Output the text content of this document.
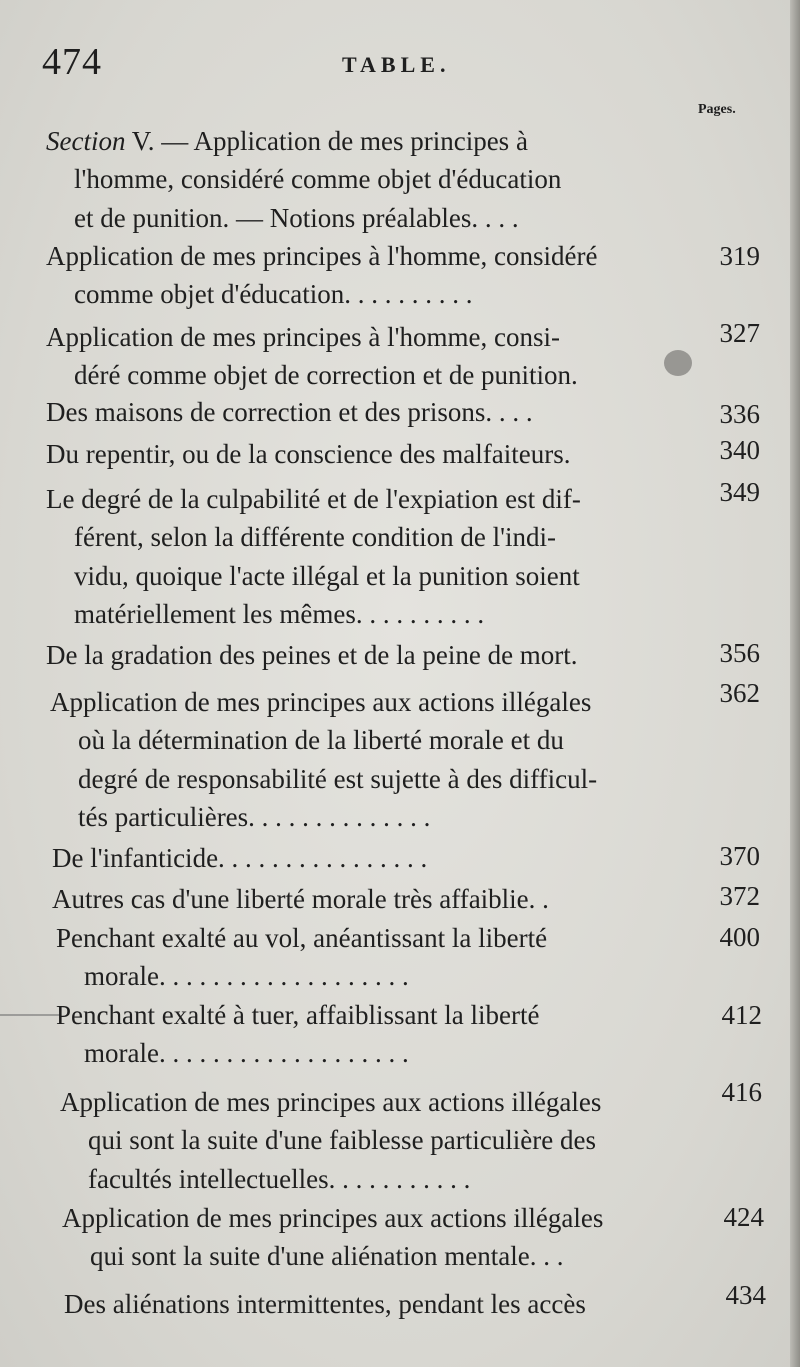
474	TABLE.
Pages.
Section V. — Application de mes principes à
l'homme, considéré comme objet d'éducation
et de punition. — Notions préalables. . . .
319
Application de mes principes à l'homme, considéré
comme objet d'éducation. . . . . . . . . .
327
Application de mes principes à l'homme, consi-
déré comme objet de correction et de punition.
336
Des maisons de correction et des prisons. . . .
340
Du repentir, ou de la conscience des malfaiteurs.
349
Le degré de la culpabilité et de l'expiation est dif-
férent, selon la différente condition de l'indi-
vidu, quoique l'acte illégal et la punition soient
matériellement les mêmes. . . . . . . . . .
356
De la gradation des peines et de la peine de mort.
362
Application de mes principes aux actions illégales
où la détermination de la liberté morale et du
degré de responsabilité est sujette à des difficul-
tés particulières. . . . . . . . . . . . . .
370
De l'infanticide. . . . . . . . . . . . . . . .
372
Autres cas d'une liberté morale très affaiblie. .
400
Penchant exalté au vol, anéantissant la liberté
morale. . . . . . . . . . . . . . . . . . .
412
Penchant exalté à tuer, affaiblissant la liberté
morale. . . . . . . . . . . . . . . . . . .
416
Application de mes principes aux actions illégales
qui sont la suite d'une faiblesse particulière des
facultés intellectuelles. . . . . . . . . . .
424
Application de mes principes aux actions illégales
qui sont la suite d'une aliénation mentale. . .
434
Des aliénations intermittentes, pendant les accès
